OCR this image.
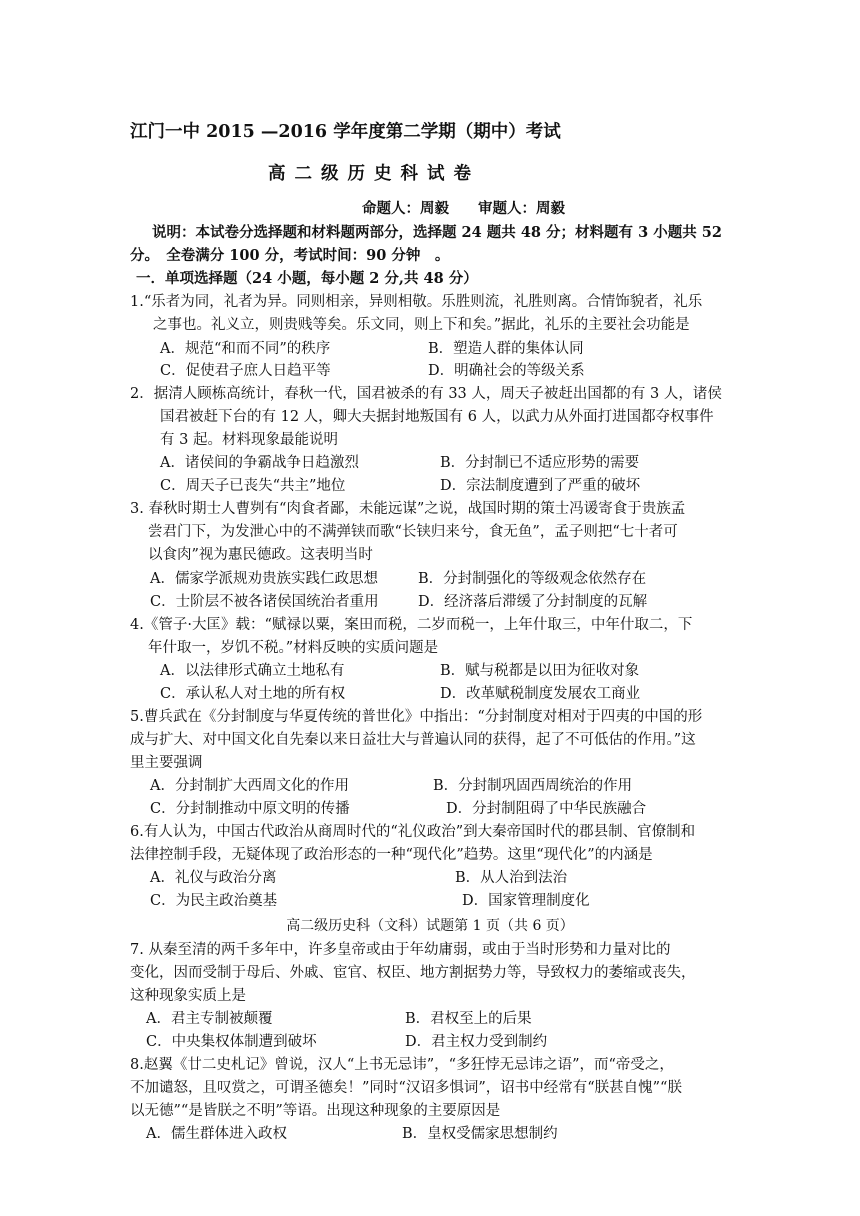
江门一中 2015 —2016 学年度第二学期（期中）考试
高二级历史科试卷
命题人：周毅　　审题人：周毅
说明：本试卷分选择题和材料题两部分，选择题 24 题共 48 分；材料题有 3 小题共 52
分。　全卷满分 100 分，考试时间：90 分钟　。
一．单项选择题（24 小题，每小题 2 分,共 48 分）
1.“乐者为同，礼者为异。同则相亲，异则相敬。乐胜则流，礼胜则离。合情饰貌者，礼乐
之事也。礼义立，则贵贱等矣。乐文同，则上下和矣。”据此，礼乐的主要社会功能是
A．规范“和而不同”的秩序	B．塑造人群的集体认同
C．促使君子庶人日趋平等	D．明确社会的等级关系
2．据清人顾栋高统计，春秋一代，国君被杀的有 33 人，周天子被赶出国都的有 3 人，诸侯
国君被赶下台的有 12 人，卿大夫据封地叛国有 6 人，以武力从外面打进国都夺权事件
有 3 起。材料现象最能说明
A．诸侯间的争霸战争日趋激烈	B．分封制已不适应形势的需要
C．周天子已丧失“共主”地位	D．宗法制度遭到了严重的破坏
3. 春秋时期士人曹刿有“肉食者鄙，未能远谋”之说，战国时期的策士冯谖寄食于贵族孟
尝君门下，为发泄心中的不满弹铗而歌“长铗归来兮，食无鱼”，孟子则把“七十者可
以食肉”视为惠民德政。这表明当时
A．儒家学派规劝贵族实践仁政思想	B．分封制强化的等级观念依然存在
C．士阶层不被各诸侯国统治者重用	D．经济落后滞缓了分封制度的瓦解
4.《管子·大匡》载：“赋禄以粟，案田而税，二岁而税一，上年什取三，中年什取二，下
年什取一，岁饥不税。”材料反映的实质问题是
A．以法律形式确立土地私有	B．赋与税都是以田为征收对象
C．承认私人对土地的所有权	D．改革赋税制度发展农工商业
5.曹兵武在《分封制度与华夏传统的普世化》中指出：“分封制度对相对于四夷的中国的形
成与扩大、对中国文化自先秦以来日益壮大与普遍认同的获得，起了不可低估的作用。”这
里主要强调
A．分封制扩大西周文化的作用	B．分封制巩固西周统治的作用
C．分封制推动中原文明的传播	D．分封制阻碍了中华民族融合
6.有人认为，中国古代政治从商周时代的“礼仪政治”到大秦帝国时代的郡县制、官僚制和
法律控制手段，无疑体现了政治形态的一种“现代化”趋势。这里“现代化”的内涵是
A．礼仪与政治分离	B．从人治到法治
C．为民主政治奠基	D．国家管理制度化
高二级历史科（文科）试题第 1 页（共 6 页）
7. 从秦至清的两千多年中，许多皇帝或由于年幼庸弱，或由于当时形势和力量对比的
变化，因而受制于母后、外戚、宦官、权臣、地方割据势力等，导致权力的萎缩或丧失，
这种现象实质上是
A．君主专制被颠覆	B．君权至上的后果
C．中央集权体制遭到破坏	D．君主权力受到制约
8.赵翼《廿二史札记》曾说，汉人“上书无忌讳”，“多狂悖无忌讳之语”，而“帝受之，
不加谴怒，且叹赏之，可谓圣德矣！”同时“汉诏多惧词”，诏书中经常有“朕甚自愧”“朕
以无德”“是皆朕之不明”等语。出现这种现象的主要原因是
A．儒生群体进入政权	B．皇权受儒家思想制约
